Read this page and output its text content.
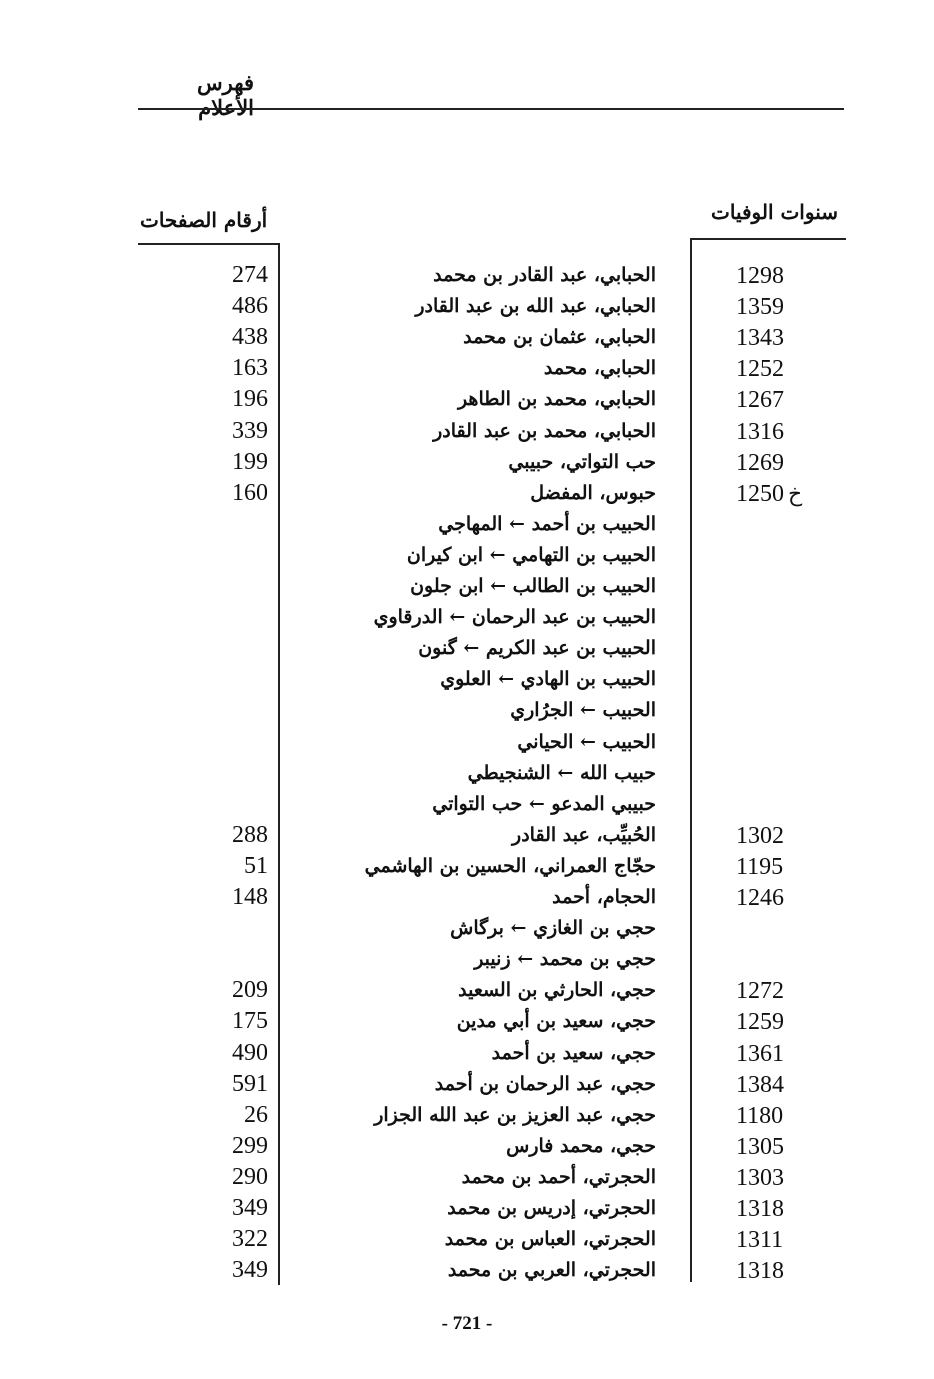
فهرس الأعلام
سنوات الوفيات
أرقام الصفحات
274	الحبابي، عبد القادر بن محمد	1298
486	الحبابي، عبد الله بن عبد القادر	1359
438	الحبابي، عثمان بن محمد	1343
163	الحبابي، محمد	1252
196	الحبابي، محمد بن الطاهر	1267
339	الحبابي، محمد بن عبد القادر	1316
199	حب التواتي، حبيبي	1269
160	حبوس، المفضل	1250 خ
الحبيب بن أحمد ← المهاجي
الحبيب بن التهامي ← ابن كيران
الحبيب بن الطالب ← ابن جلون
الحبيب بن عبد الرحمان ← الدرقاوي
الحبيب بن عبد الكريم ← گنون
الحبيب بن الهادي ← العلوي
الحبيب ← الجرُاري
الحبيب ← الحياني
حبيب الله ← الشنجيطي
حبيبي المدعو ← حب التواتي
288	الحُبيِّب، عبد القادر	1302
51	حجّاج العمراني، الحسين بن الهاشمي	1195
148	الحجام، أحمد	1246
حجي بن الغازي ← برگاش
حجي بن محمد ← زنيبر
209	حجي، الحارثي بن السعيد	1272
175	حجي، سعيد بن أبي مدين	1259
490	حجي، سعيد بن أحمد	1361
591	حجي، عبد الرحمان بن أحمد	1384
26	حجي، عبد العزيز بن عبد الله الجزار	1180
299	حجي، محمد فارس	1305
290	الحجرتي، أحمد بن محمد	1303
349	الحجرتي، إدريس بن محمد	1318
322	الحجرتي، العباس بن محمد	1311
349	الحجرتي، العربي بن محمد	1318
- 721 -
